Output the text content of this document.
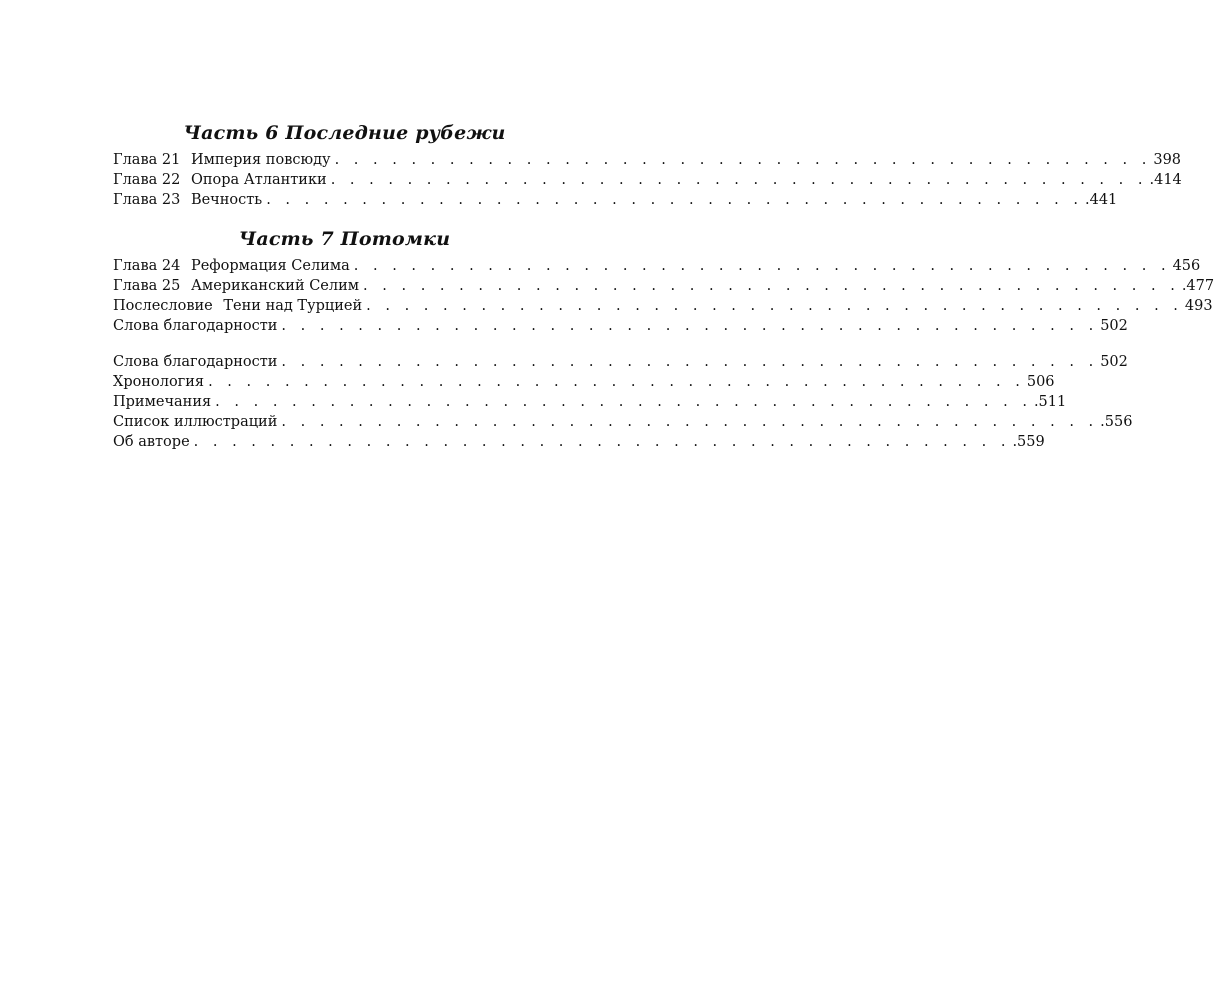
Часть 6 Последние рубежи
Глава 21 Империя повсюду . . . . . . . . . . . . . . . . . . . . . . . . . . . . . . . . . . . . . . . . . . . 398
Глава 22 Опора Атлантики . . . . . . . . . . . . . . . . . . . . . . . . . . . . . . . . . . . . . . . . . . . .414
Глава 23 Вечность . . . . . . . . . . . . . . . . . . . . . . . . . . . . . . . . . . . . . . . . . . . .441
Часть 7 Потомки
Глава 24 Реформация Селима . . . . . . . . . . . . . . . . . . . . . . . . . . . . . . . . . . . . . . . . . . . 456
Глава 25 Американский Селим . . . . . . . . . . . . . . . . . . . . . . . . . . . . . . . . . . . . . . . . . . . .477
Послесловие Тени над Турцией . . . . . . . . . . . . . . . . . . . . . . . . . . . . . . . . . . . . . . . . . . . 493
Слова благодарности . . . . . . . . . . . . . . . . . . . . . . . . . . . . . . . . . . . . . . . . . . . 502
Слова благодарности . . . . . . . . . . . . . . . . . . . . . . . . . . . . . . . . . . . . . . . . . . . 502
Хронология . . . . . . . . . . . . . . . . . . . . . . . . . . . . . . . . . . . . . . . . . . . 506
Примечания . . . . . . . . . . . . . . . . . . . . . . . . . . . . . . . . . . . . . . . . . . . .511
Список иллюстраций . . . . . . . . . . . . . . . . . . . . . . . . . . . . . . . . . . . . . . . . . . . .556
Об авторе . . . . . . . . . . . . . . . . . . . . . . . . . . . . . . . . . . . . . . . . . . . .559
